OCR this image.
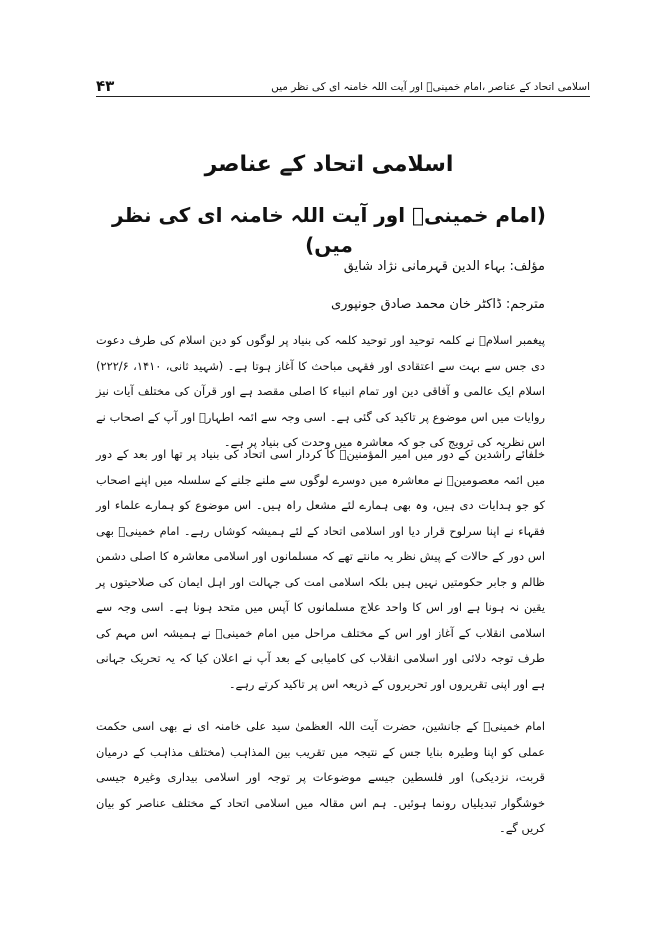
اسلامی اتحاد کے عناصر ،امام خمینیؒ اور آیت اللہ خامنہ ای کی نظر میں
۴۳
اسلامی اتحاد کے عناصر
(امام خمینیؒ اور آیت اللہ خامنہ ای کی نظر میں)
مؤلف: بہاء الدین قہرمانی نژاد شایق
مترجم: ڈاکٹر خان محمد صادق جونپوری

پیغمبر اسلامؐ نے کلمہ توحید اور توحید کلمہ کی بنیاد پر لوگوں کو دین اسلام کی طرف دعوت دی جس سے بہت سے اعتقادی اور فقہی مباحث کا آغاز ہوتا ہے۔ (شہید ثانی، ۱۴۱۰، ۲۲۲/۶) اسلام ایک عالمی و آفاقی دین اور تمام انبیاء کا اصلی مقصد ہے اور قرآن کی مختلف آیات نیز روایات میں اس موضوع پر تاکید کی گئی ہے۔ اسی وجہ سے ائمہ اطہارؑ اور آپ کے اصحاب نے اس نظریہ کی ترویج کی جو کہ معاشرہ میں وحدت کی بنیاد پر ہے۔

خلفائے راشدین کے دور میں امیر المؤمنینؑ کا کردار اسی اتحاد کی بنیاد پر تھا اور بعد کے دور میں ائمہ معصومینؑ نے معاشرہ میں دوسرے لوگوں سے ملنے جلنے کے سلسلہ میں اپنے اصحاب کو جو ہدایات دی ہیں، وہ بھی ہمارے لئے مشعل راہ ہیں۔ اس موضوع کو ہمارے علماء اور فقہاء نے اپنا سرلوح قرار دیا اور اسلامی اتحاد کے لئے ہمیشہ کوشاں رہے۔ امام خمینیؒ بھی اس دور کے حالات کے پیش نظر یہ مانتے تھے کہ مسلمانوں اور اسلامی معاشرہ کا اصلی دشمن ظالم و جابر حکومتیں نہیں ہیں بلکہ اسلامی امت کی جہالت اور اہل ایمان کی صلاحیتوں پر یقین نہ ہونا ہے اور اس کا واحد علاج مسلمانوں کا آپس میں متحد ہونا ہے۔ اسی وجہ سے اسلامی انقلاب کے آغاز اور اس کے مختلف مراحل میں امام خمینیؒ نے ہمیشہ اس مہم کی طرف توجہ دلائی اور اسلامی انقلاب کی کامیابی کے بعد آپ نے اعلان کیا کہ یہ تحریک جہانی ہے اور اپنی تقریروں اور تحریروں کے ذریعہ اس پر تاکید کرتے رہے۔

امام خمینیؒ کے جانشین، حضرت آیت اللہ العظمیٰ سید علی خامنہ ای نے بھی اسی حکمت عملی کو اپنا وطیرہ بنایا جس کے نتیجہ میں تقریب بین المذاہب (مختلف مذاہب کے درمیان قربت، نزدیکی) اور فلسطین جیسے موضوعات پر توجہ اور اسلامی بیداری وغیرہ جیسی خوشگوار تبدیلیاں رونما ہوئیں۔ ہم اس مقالہ میں اسلامی اتحاد کے مختلف عناصر کو بیان کریں گے۔
